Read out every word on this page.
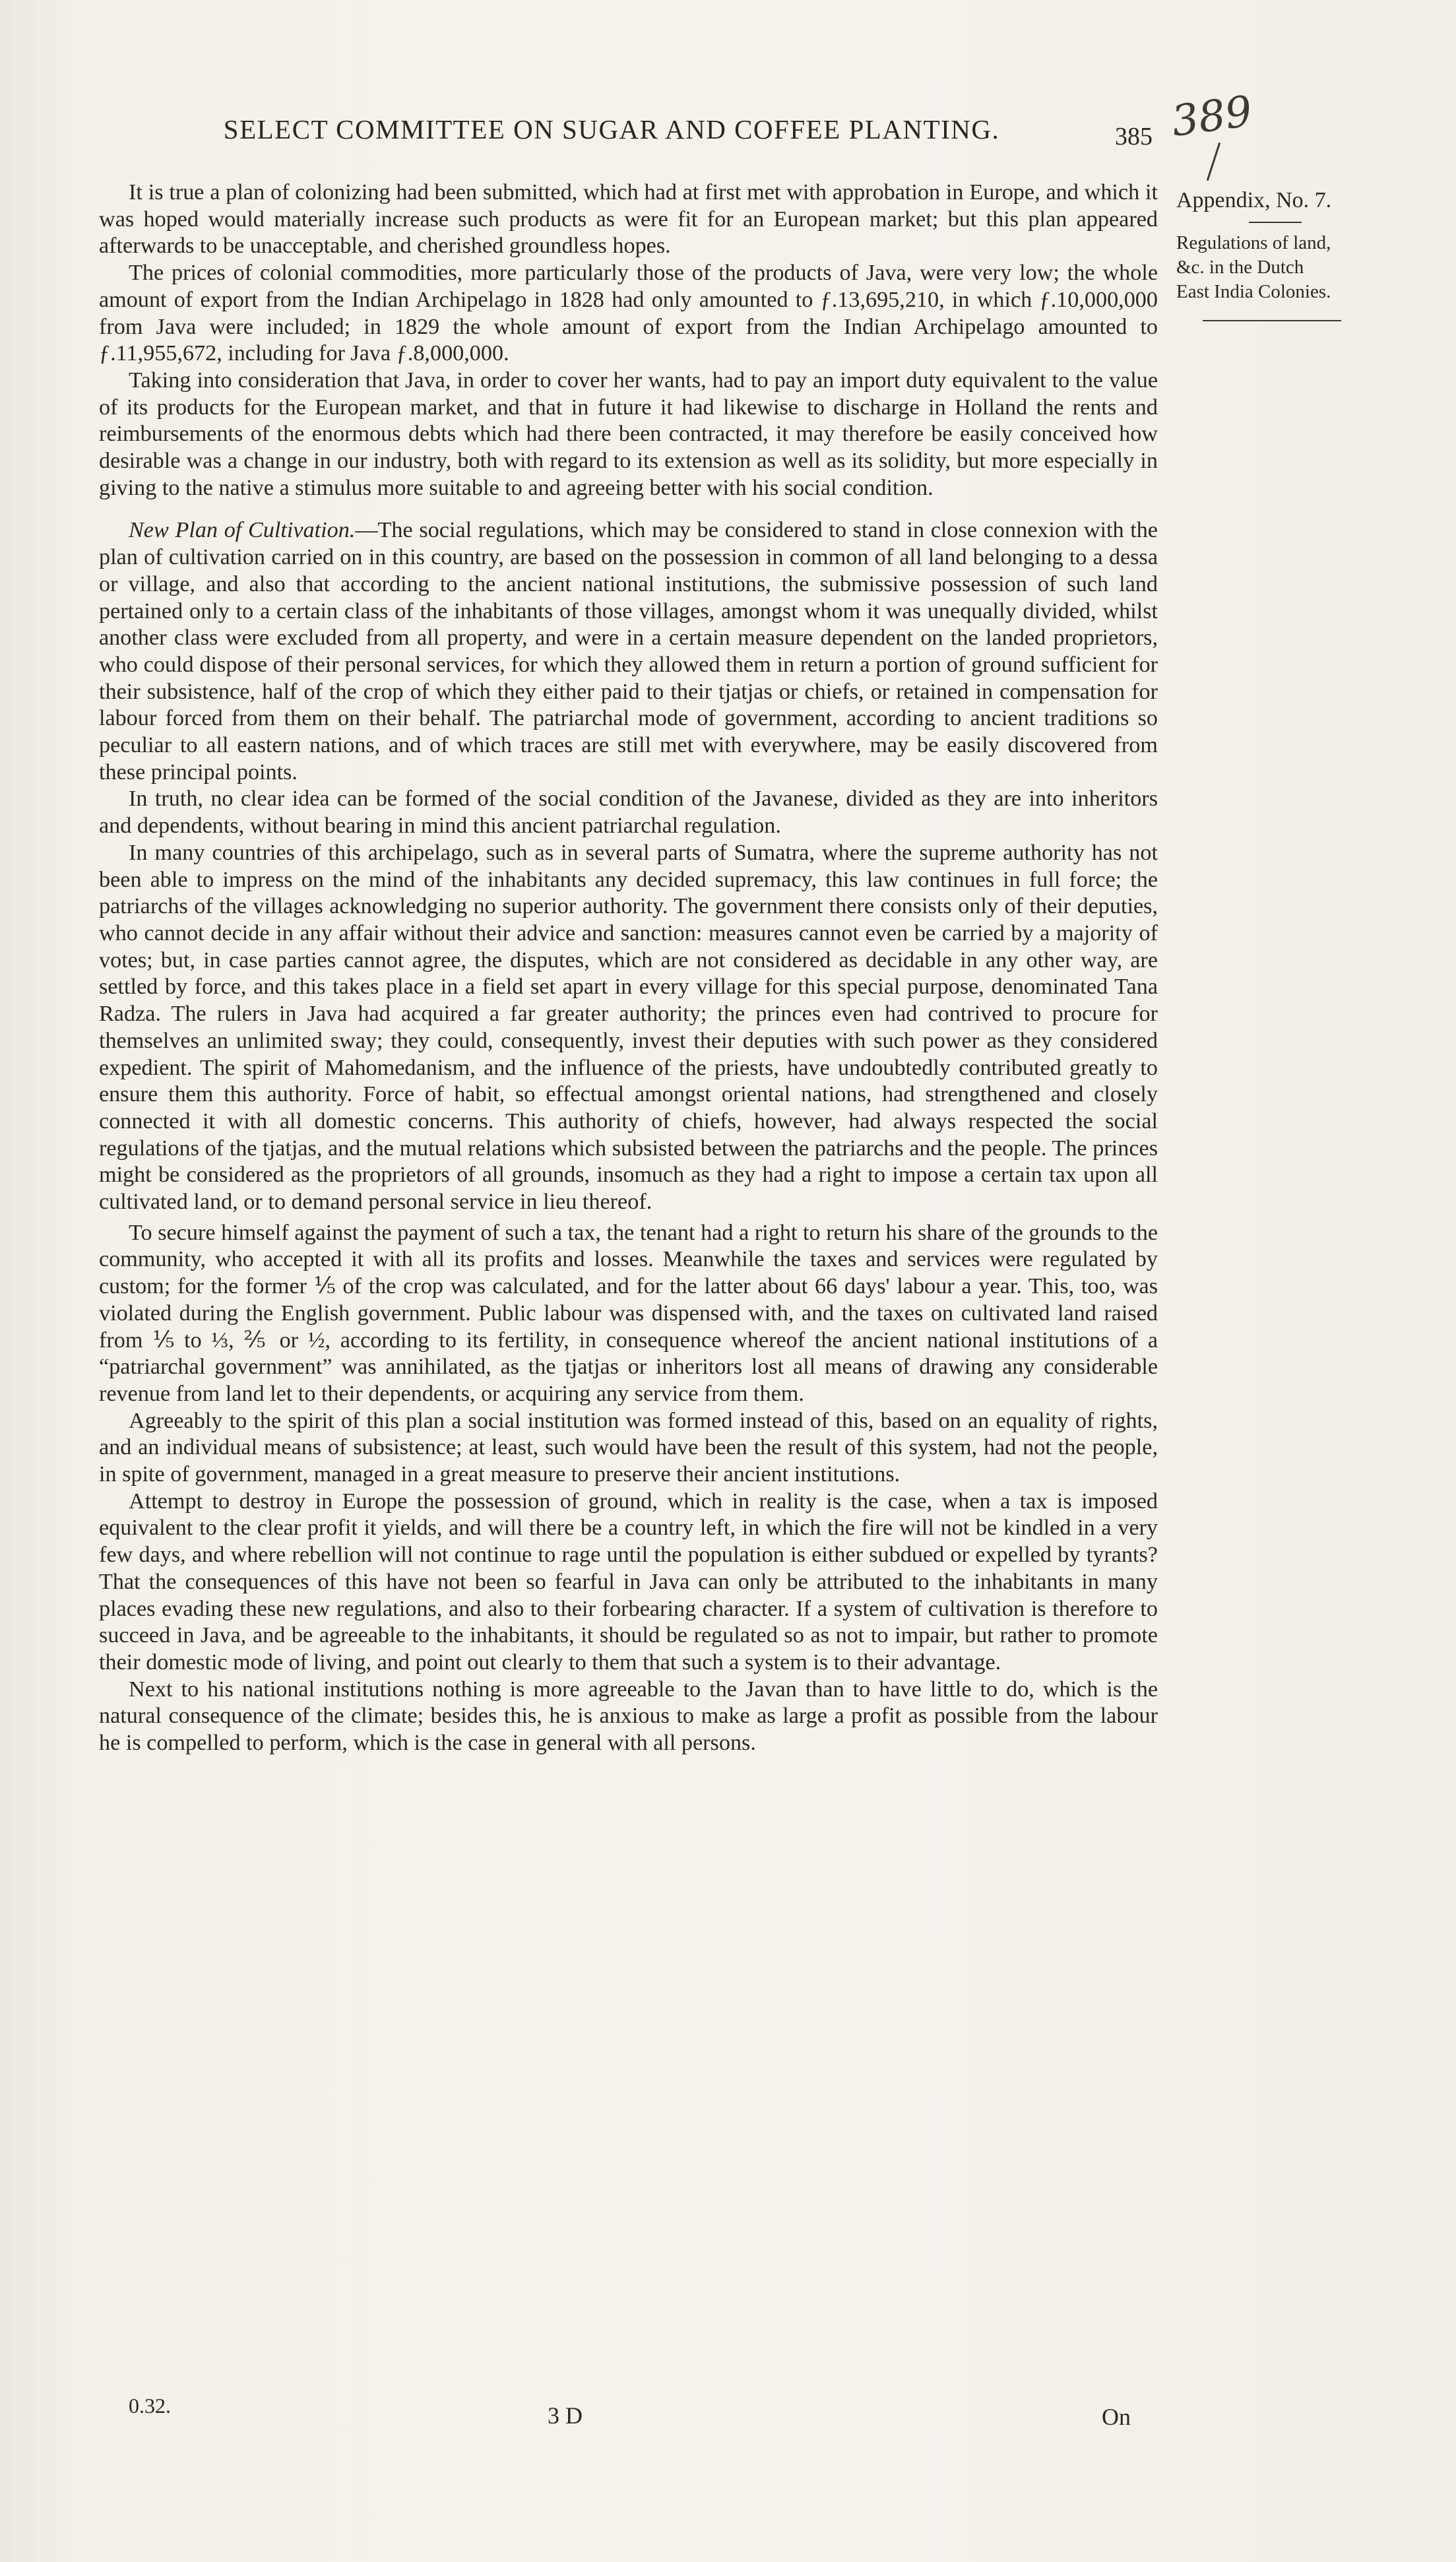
SELECT COMMITTEE ON SUGAR AND COFFEE PLANTING.	385 389
Appendix, No. 7.
Regulations of land, &c. in the Dutch East India Colonies.

It is true a plan of colonizing had been submitted, which had at first met with approbation in Europe, and which it was hoped would materially increase such products as were fit for an European market; but this plan appeared afterwards to be unacceptable, and cherished groundless hopes.

The prices of colonial commodities, more particularly those of the products of Java, were very low; the whole amount of export from the Indian Archipelago in 1828 had only amounted to ƒ.13,695,210, in which ƒ.10,000,000 from Java were included; in 1829 the whole amount of export from the Indian Archipelago amounted to ƒ.11,955,672, including for Java ƒ.8,000,000.

Taking into consideration that Java, in order to cover her wants, had to pay an import duty equivalent to the value of its products for the European market, and that in future it had likewise to discharge in Holland the rents and reimbursements of the enormous debts which had there been contracted, it may therefore be easily conceived how desirable was a change in our industry, both with regard to its extension as well as its solidity, but more especially in giving to the native a stimulus more suitable to and agreeing better with his social condition.

New Plan of Cultivation.—The social regulations, which may be considered to stand in close connexion with the plan of cultivation carried on in this country, are based on the possession in common of all land belonging to a dessa or village, and also that according to the ancient national institutions, the submissive possession of such land pertained only to a certain class of the inhabitants of those villages, amongst whom it was unequally divided, whilst another class were excluded from all property, and were in a certain measure dependent on the landed proprietors, who could dispose of their personal services, for which they allowed them in return a portion of ground sufficient for their subsistence, half of the crop of which they either paid to their tjatjas or chiefs, or retained in compensation for labour forced from them on their behalf. The patriarchal mode of government, according to ancient traditions so peculiar to all eastern nations, and of which traces are still met with everywhere, may be easily discovered from these principal points.

In truth, no clear idea can be formed of the social condition of the Javanese, divided as they are into inheritors and dependents, without bearing in mind this ancient patriarchal regulation.

In many countries of this archipelago, such as in several parts of Sumatra, where the supreme authority has not been able to impress on the mind of the inhabitants any decided supremacy, this law continues in full force; the patriarchs of the villages acknowledging no superior authority. The government there consists only of their deputies, who cannot decide in any affair without their advice and sanction: measures cannot even be carried by a majority of votes; but, in case parties cannot agree, the disputes, which are not considered as decidable in any other way, are settled by force, and this takes place in a field set apart in every village for this special purpose, denominated Tana Radza. The rulers in Java had acquired a far greater authority; the princes even had contrived to procure for themselves an unlimited sway; they could, consequently, invest their deputies with such power as they considered expedient. The spirit of Mahomedanism, and the influence of the priests, have undoubtedly contributed greatly to ensure them this authority. Force of habit, so effectual amongst oriental nations, had strengthened and closely connected it with all domestic concerns. This authority of chiefs, however, had always respected the social regulations of the tjatjas, and the mutual relations which subsisted between the patriarchs and the people. The princes might be considered as the proprietors of all grounds, insomuch as they had a right to impose a certain tax upon all cultivated land, or to demand personal service in lieu thereof.

To secure himself against the payment of such a tax, the tenant had a right to return his share of the grounds to the community, who accepted it with all its profits and losses. Meanwhile the taxes and services were regulated by custom; for the former ⅕ of the crop was calculated, and for the latter about 66 days' labour a year. This, too, was violated during the English government. Public labour was dispensed with, and the taxes on cultivated land raised from ⅕ to ⅓, ⅖ or ½, according to its fertility, in consequence whereof the ancient national institutions of a “patriarchal government” was annihilated, as the tjatjas or inheritors lost all means of drawing any considerable revenue from land let to their dependents, or acquiring any service from them.

Agreeably to the spirit of this plan a social institution was formed instead of this, based on an equality of rights, and an individual means of subsistence; at least, such would have been the result of this system, had not the people, in spite of government, managed in a great measure to preserve their ancient institutions.

Attempt to destroy in Europe the possession of ground, which in reality is the case, when a tax is imposed equivalent to the clear profit it yields, and will there be a country left, in which the fire will not be kindled in a very few days, and where rebellion will not continue to rage until the population is either subdued or expelled by tyrants? That the consequences of this have not been so fearful in Java can only be attributed to the inhabitants in many places evading these new regulations, and also to their forbearing character. If a system of cultivation is therefore to succeed in Java, and be agreeable to the inhabitants, it should be regulated so as not to impair, but rather to promote their domestic mode of living, and point out clearly to them that such a system is to their advantage.

Next to his national institutions nothing is more agreeable to the Javan than to have little to do, which is the natural consequence of the climate; besides this, he is anxious to make as large a profit as possible from the labour he is compelled to perform, which is the case in general with all persons.

0.32.	3 D	On
